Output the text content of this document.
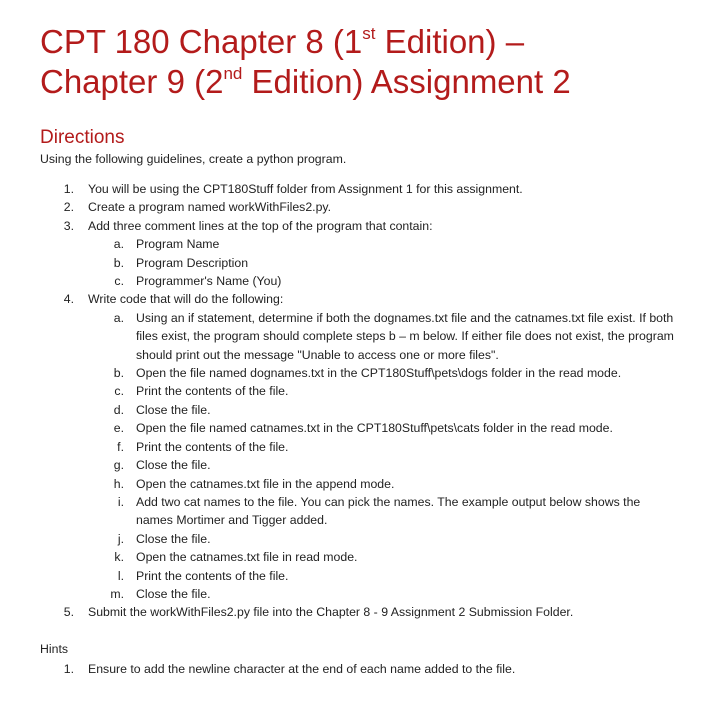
CPT 180 Chapter 8 (1st Edition) –
Chapter 9 (2nd Edition) Assignment 2
Directions
Using the following guidelines, create a python program.
1.	You will be using the CPT180Stuff folder from Assignment 1 for this assignment.
2.	Create a program named workWithFiles2.py.
3.	Add three comment lines at the top of the program that contain:
a. Program Name
b. Program Description
c. Programmer's Name (You)
4.	Write code that will do the following:
a. Using an if statement, determine if both the dognames.txt file and the catnames.txt file exist. If both files exist, the program should complete steps b – m below. If either file does not exist, the program should print out the message "Unable to access one or more files".
b. Open the file named dognames.txt in the CPT180Stuff\pets\dogs folder in the read mode.
c. Print the contents of the file.
d. Close the file.
e. Open the file named catnames.txt in the CPT180Stuff\pets\cats folder in the read mode.
f. Print the contents of the file.
g. Close the file.
h. Open the catnames.txt file in the append mode.
i. Add two cat names to the file. You can pick the names. The example output below shows the names Mortimer and Tigger added.
j. Close the file.
k. Open the catnames.txt file in read mode.
l. Print the contents of the file.
m. Close the file.
5.	Submit the workWithFiles2.py file into the Chapter 8 - 9 Assignment 2 Submission Folder.
Hints
1.	Ensure to add the newline character at the end of each name added to the file.
